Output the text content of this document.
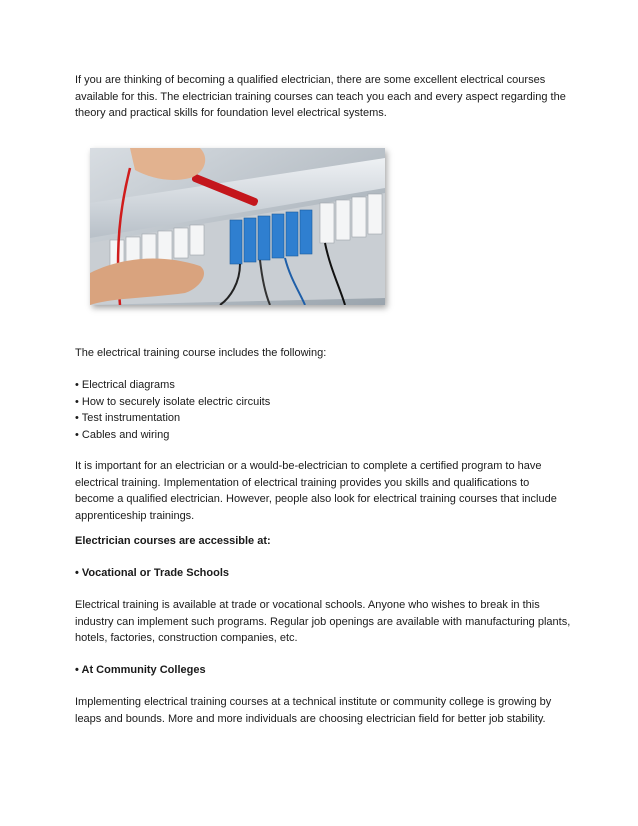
If you are thinking of becoming a qualified electrician, there are some excellent electrical courses available for this. The electrician training courses can teach you each and every aspect regarding the theory and practical skills for foundation level electrical systems.

The electrical training course includes the following:

• Electrical diagrams
• How to securely isolate electric circuits
• Test instrumentation
• Cables and wiring

It is important for an electrician or a would-be-electrician to complete a certified program to have electrical training. Implementation of electrical training provides you skills and qualifications to become a qualified electrician. However, people also look for electrical training courses that include apprenticeship trainings.

Electrician courses are accessible at:

• Vocational or Trade Schools

Electrical training is available at trade or vocational schools. Anyone who wishes to break in this industry can implement such programs. Regular job openings are available with manufacturing plants, hotels, factories, construction companies, etc.

• At Community Colleges

Implementing electrical training courses at a technical institute or community college is growing by leaps and bounds. More and more individuals are choosing electrician field for better job stability.
